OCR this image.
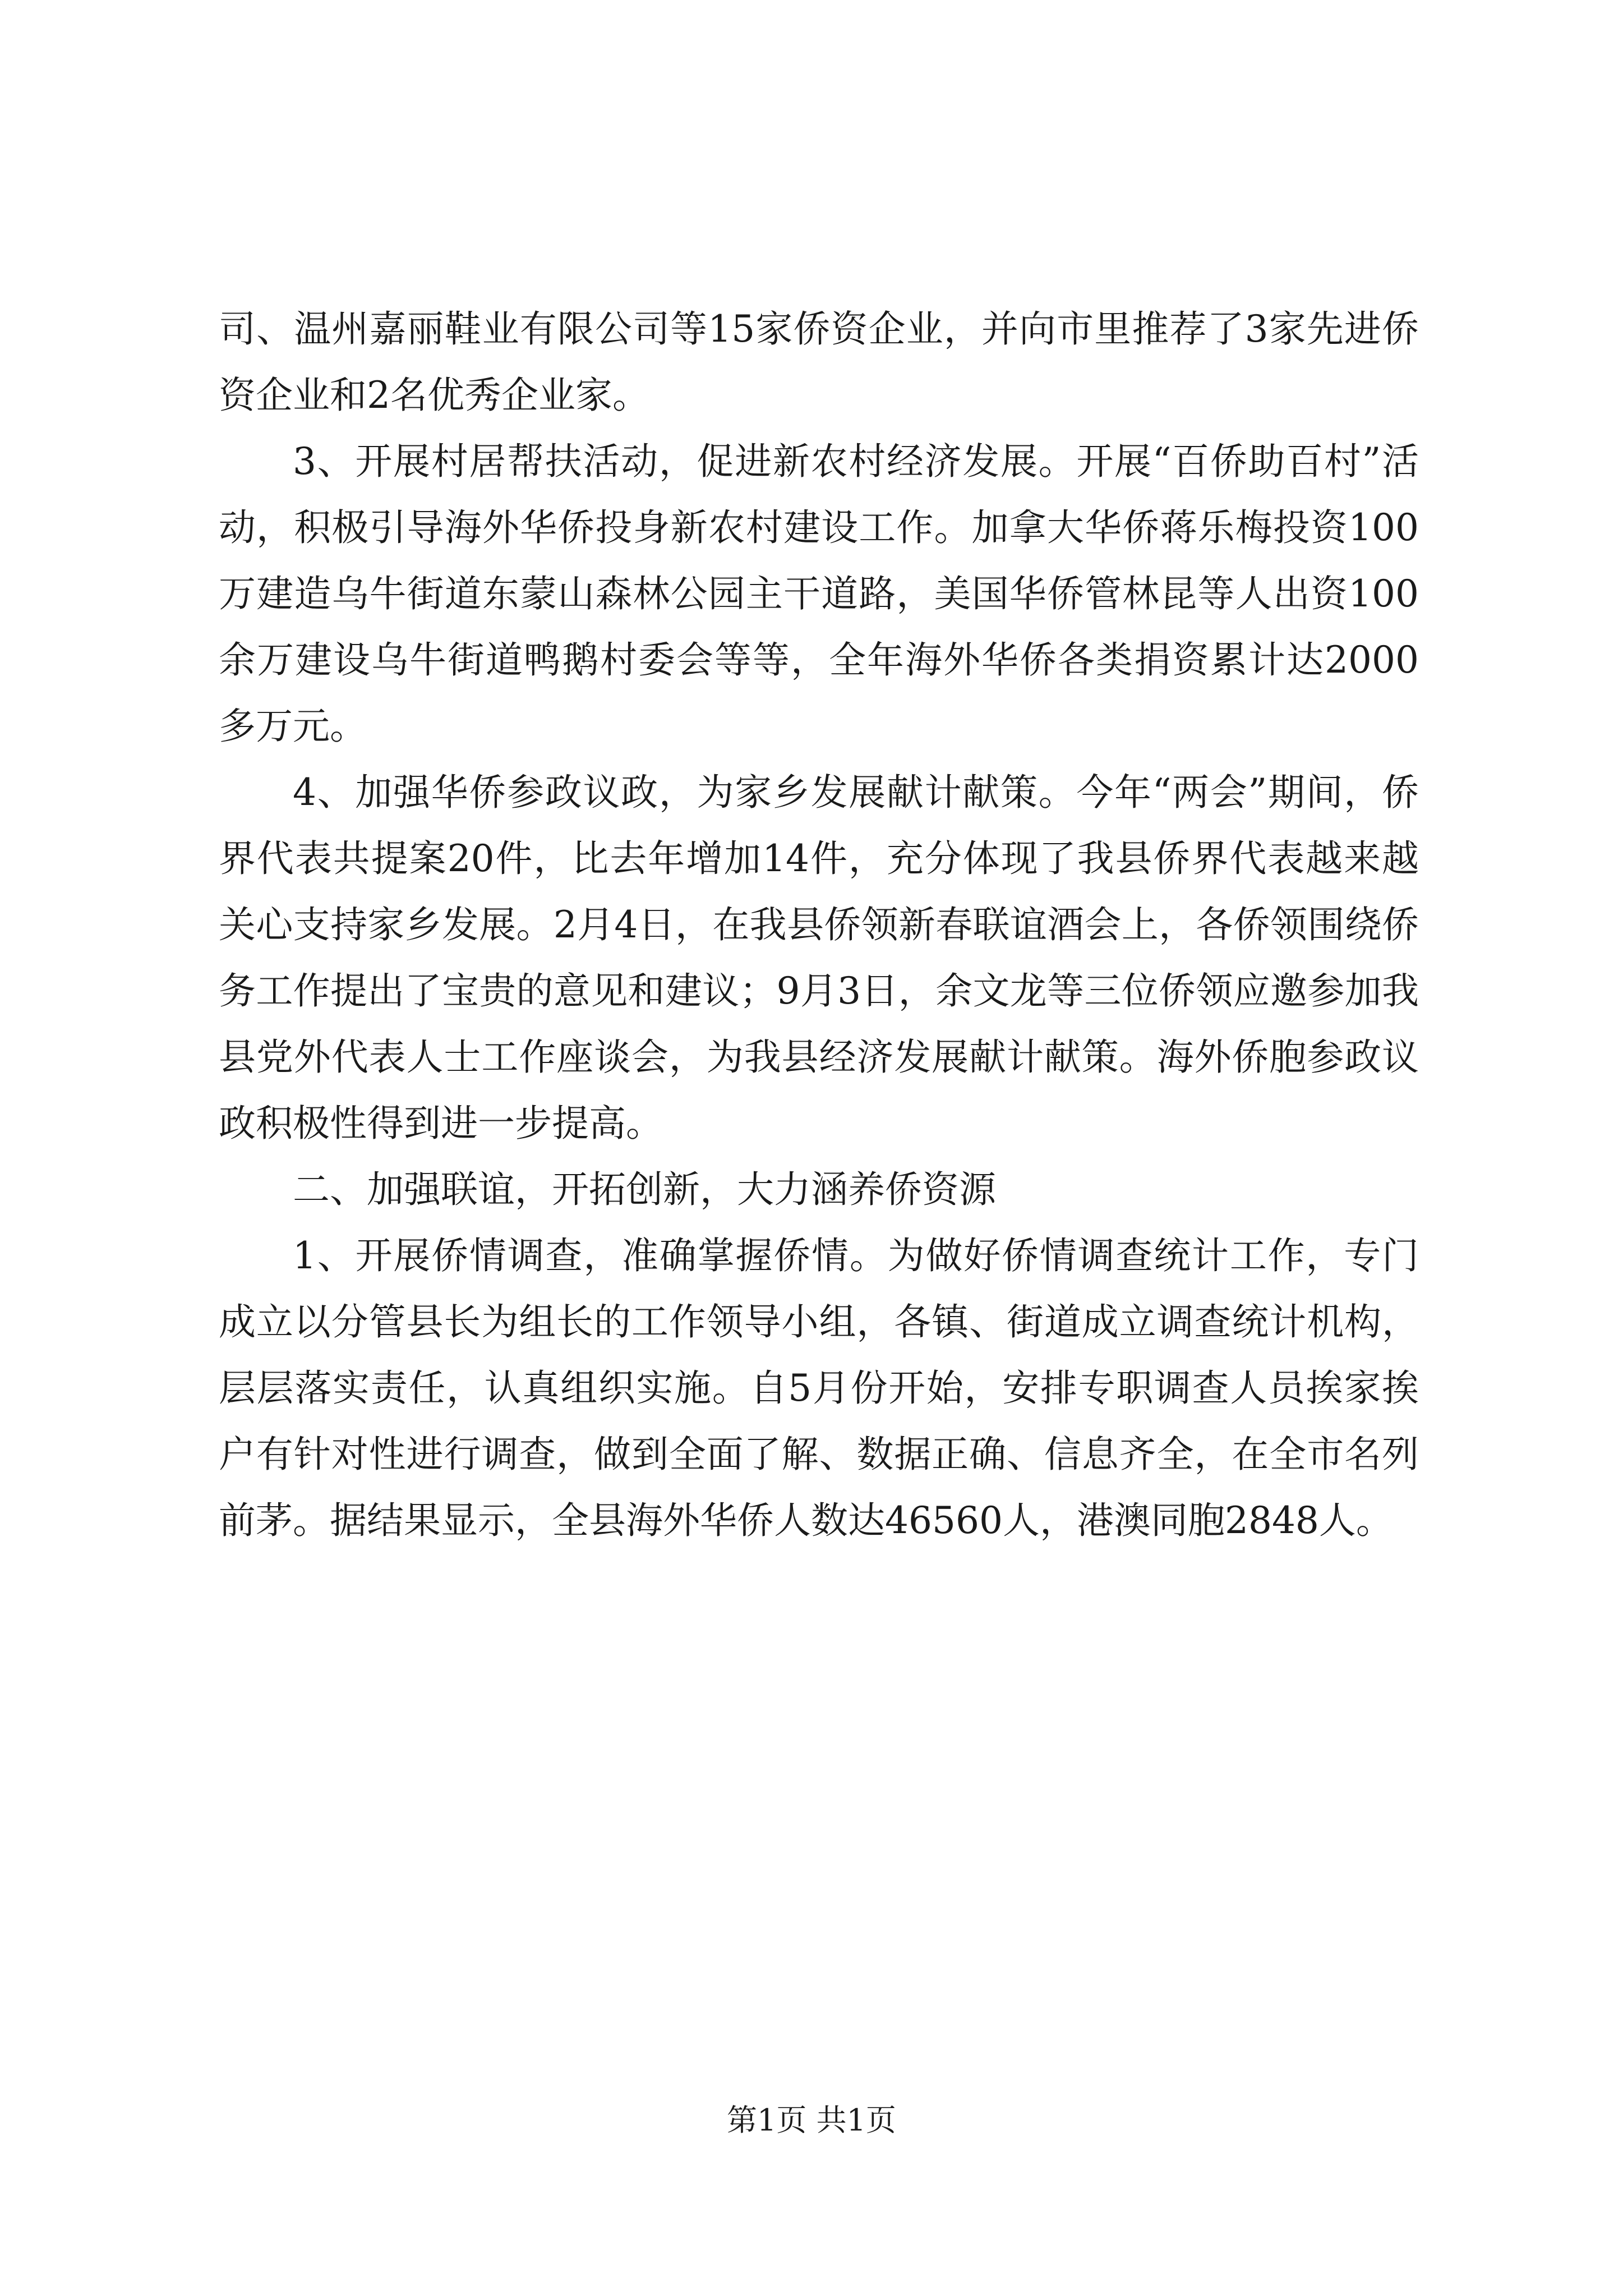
司、温州嘉丽鞋业有限公司等15家侨资企业，并向市里推荐了3家先进侨资企业和2名优秀企业家。

3、开展村居帮扶活动，促进新农村经济发展。开展“百侨助百村”活动，积极引导海外华侨投身新农村建设工作。加拿大华侨蒋乐梅投资100万建造乌牛街道东蒙山森林公园主干道路，美国华侨管林昆等人出资100余万建设乌牛街道鸭鹅村委会等等，全年海外华侨各类捐资累计达2000多万元。

4、加强华侨参政议政，为家乡发展献计献策。今年“两会”期间，侨界代表共提案20件，比去年增加14件，充分体现了我县侨界代表越来越关心支持家乡发展。2月4日，在我县侨领新春联谊酒会上，各侨领围绕侨务工作提出了宝贵的意见和建议；9月3日，余文龙等三位侨领应邀参加我县党外代表人士工作座谈会，为我县经济发展献计献策。海外侨胞参政议政积极性得到进一步提高。

二、加强联谊，开拓创新，大力涵养侨资源

1、开展侨情调查，准确掌握侨情。为做好侨情调查统计工作，专门成立以分管县长为组长的工作领导小组，各镇、街道成立调查统计机构，层层落实责任，认真组织实施。自5月份开始，安排专职调查人员挨家挨户有针对性进行调查，做到全面了解、数据正确、信息齐全，在全市名列前茅。据结果显示，全县海外华侨人数达46560人，港澳同胞2848人。

第1页 共1页
